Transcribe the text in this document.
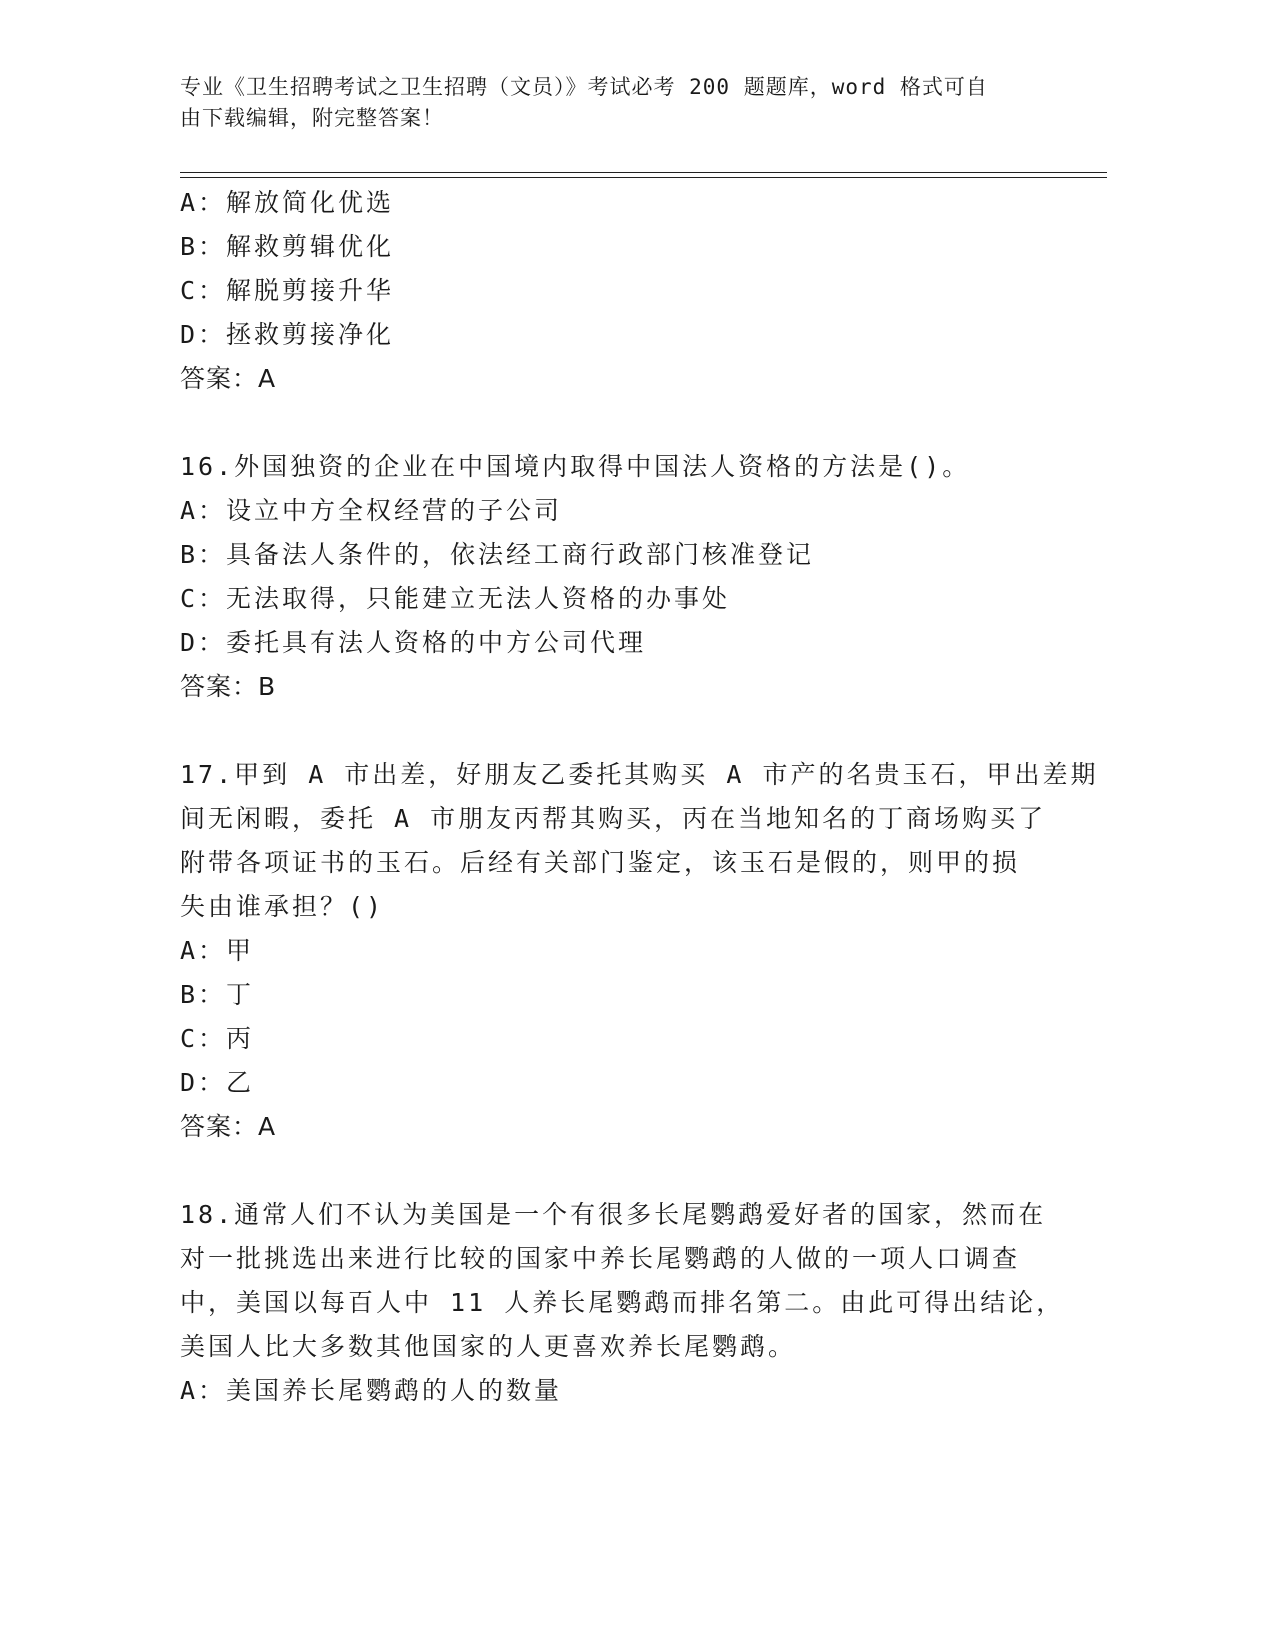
专业《卫生招聘考试之卫生招聘（文员）》考试必考 200 题题库，word 格式可自
由下载编辑，附完整答案！
A：解放简化优选
B：解救剪辑优化
C：解脱剪接升华
D：拯救剪接净化
答案：A
16.外国独资的企业在中国境内取得中国法人资格的方法是()。
A：设立中方全权经营的子公司
B：具备法人条件的，依法经工商行政部门核准登记
C：无法取得，只能建立无法人资格的办事处
D：委托具有法人资格的中方公司代理
答案：B
17.甲到 A 市出差，好朋友乙委托其购买 A 市产的名贵玉石，甲出差期
间无闲暇，委托 A 市朋友丙帮其购买，丙在当地知名的丁商场购买了
附带各项证书的玉石。后经有关部门鉴定，该玉石是假的，则甲的损
失由谁承担？()
A：甲
B：丁
C：丙
D：乙
答案：A
18.通常人们不认为美国是一个有很多长尾鹦鹉爱好者的国家，然而在
对一批挑选出来进行比较的国家中养长尾鹦鹉的人做的一项人口调查
中，美国以每百人中 11 人养长尾鹦鹉而排名第二。由此可得出结论，
美国人比大多数其他国家的人更喜欢养长尾鹦鹉。
A：美国养长尾鹦鹉的人的数量
